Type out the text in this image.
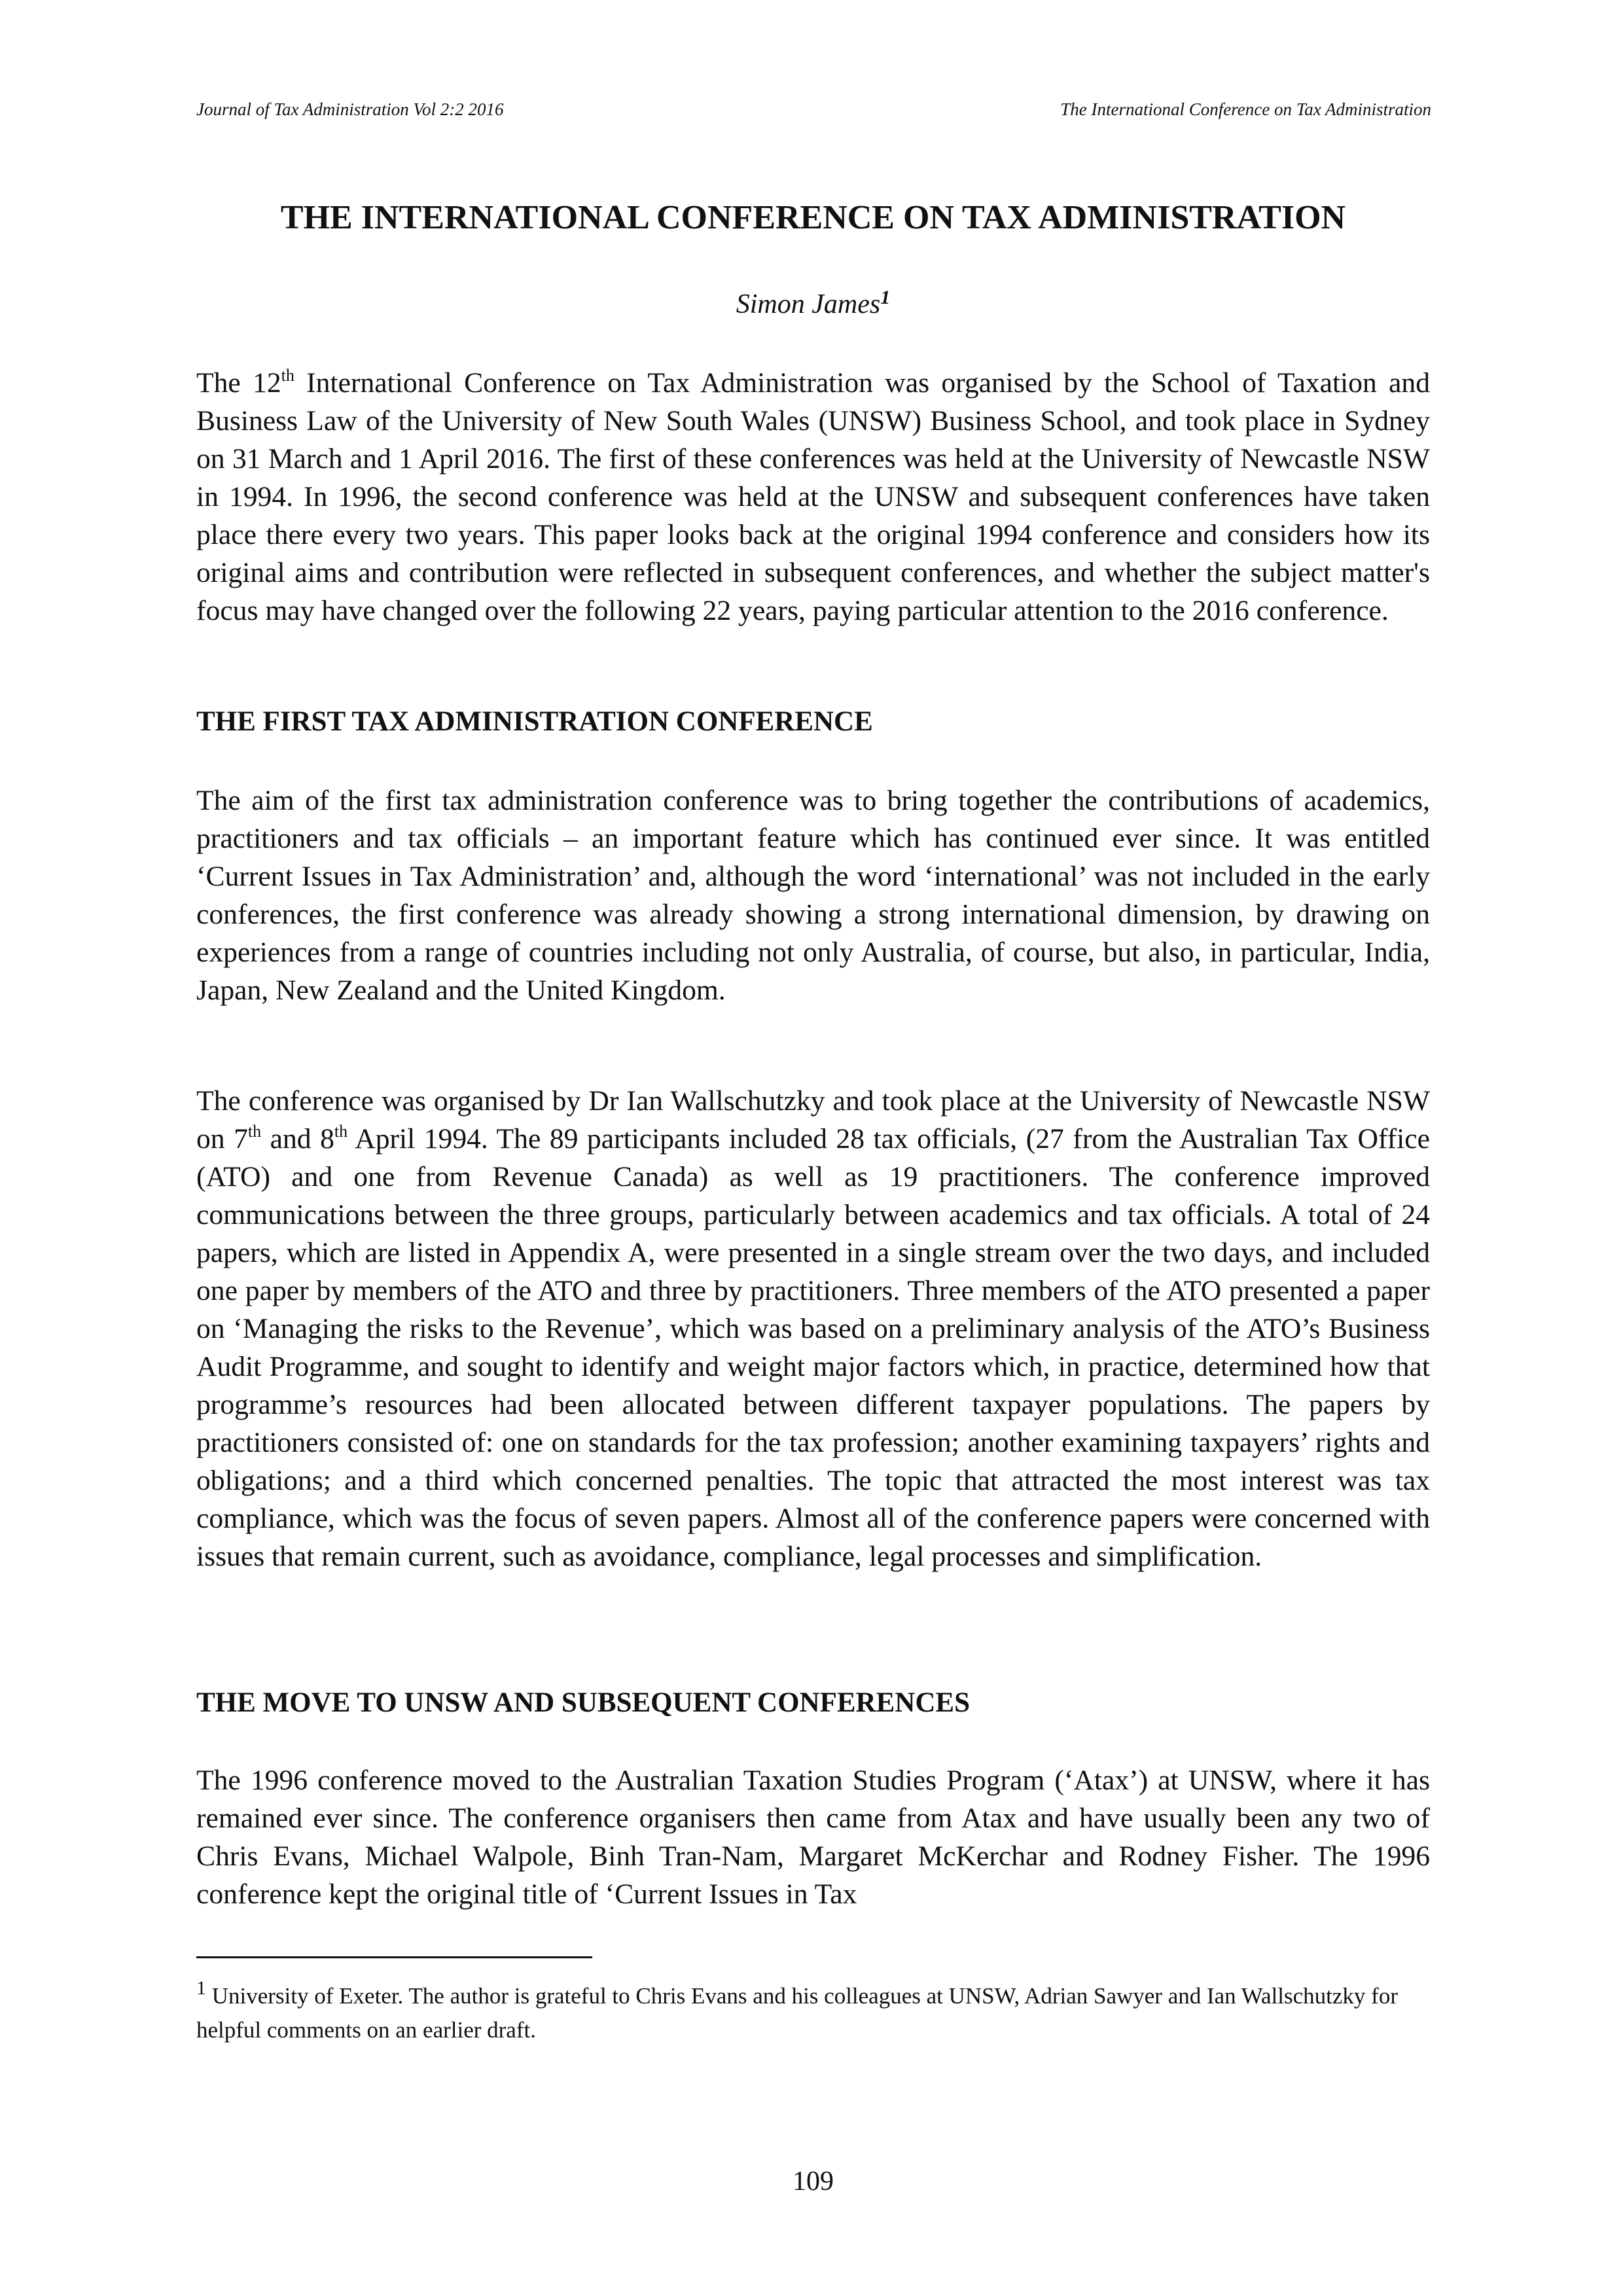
Journal of Tax Administration Vol 2:2 2016	The International Conference on Tax Administration
THE INTERNATIONAL CONFERENCE ON TAX ADMINISTRATION

Simon James$^1$

The 12th International Conference on Tax Administration was organised by the School of Taxation and Business Law of the University of New South Wales (UNSW) Business School, and took place in Sydney on 31 March and 1 April 2016. The first of these conferences was held at the University of Newcastle NSW in 1994. In 1996, the second conference was held at the UNSW and subsequent conferences have taken place there every two years. This paper looks back at the original 1994 conference and considers how its original aims and contribution were reflected in subsequent conferences, and whether the subject matter's focus may have changed over the following 22 years, paying particular attention to the 2016 conference.

THE FIRST TAX ADMINISTRATION CONFERENCE

The aim of the first tax administration conference was to bring together the contributions of academics, practitioners and tax officials – an important feature which has continued ever since. It was entitled ‘Current Issues in Tax Administration’ and, although the word ‘international’ was not included in the early conferences, the first conference was already showing a strong international dimension, by drawing on experiences from a range of countries including not only Australia, of course, but also, in particular, India, Japan, New Zealand and the United Kingdom.

The conference was organised by Dr Ian Wallschutzky and took place at the University of Newcastle NSW on 7th and 8th April 1994. The 89 participants included 28 tax officials, (27 from the Australian Tax Office (ATO) and one from Revenue Canada) as well as 19 practitioners. The conference improved communications between the three groups, particularly between academics and tax officials. A total of 24 papers, which are listed in Appendix A, were presented in a single stream over the two days, and included one paper by members of the ATO and three by practitioners. Three members of the ATO presented a paper on ‘Managing the risks to the Revenue’, which was based on a preliminary analysis of the ATO’s Business Audit Programme, and sought to identify and weight major factors which, in practice, determined how that programme’s resources had been allocated between different taxpayer populations. The papers by practitioners consisted of: one on standards for the tax profession; another examining taxpayers’ rights and obligations; and a third which concerned penalties. The topic that attracted the most interest was tax compliance, which was the focus of seven papers. Almost all of the conference papers were concerned with issues that remain current, such as avoidance, compliance, legal processes and simplification.

THE MOVE TO UNSW AND SUBSEQUENT CONFERENCES

The 1996 conference moved to the Australian Taxation Studies Program (‘Atax’) at UNSW, where it has remained ever since. The conference organisers then came from Atax and have usually been any two of Chris Evans, Michael Walpole, Binh Tran-Nam, Margaret McKerchar and Rodney Fisher. The 1996 conference kept the original title of ‘Current Issues in Tax

$^1$ University of Exeter. The author is grateful to Chris Evans and his colleagues at UNSW, Adrian Sawyer and Ian Wallschutzky for helpful comments on an earlier draft.

109
